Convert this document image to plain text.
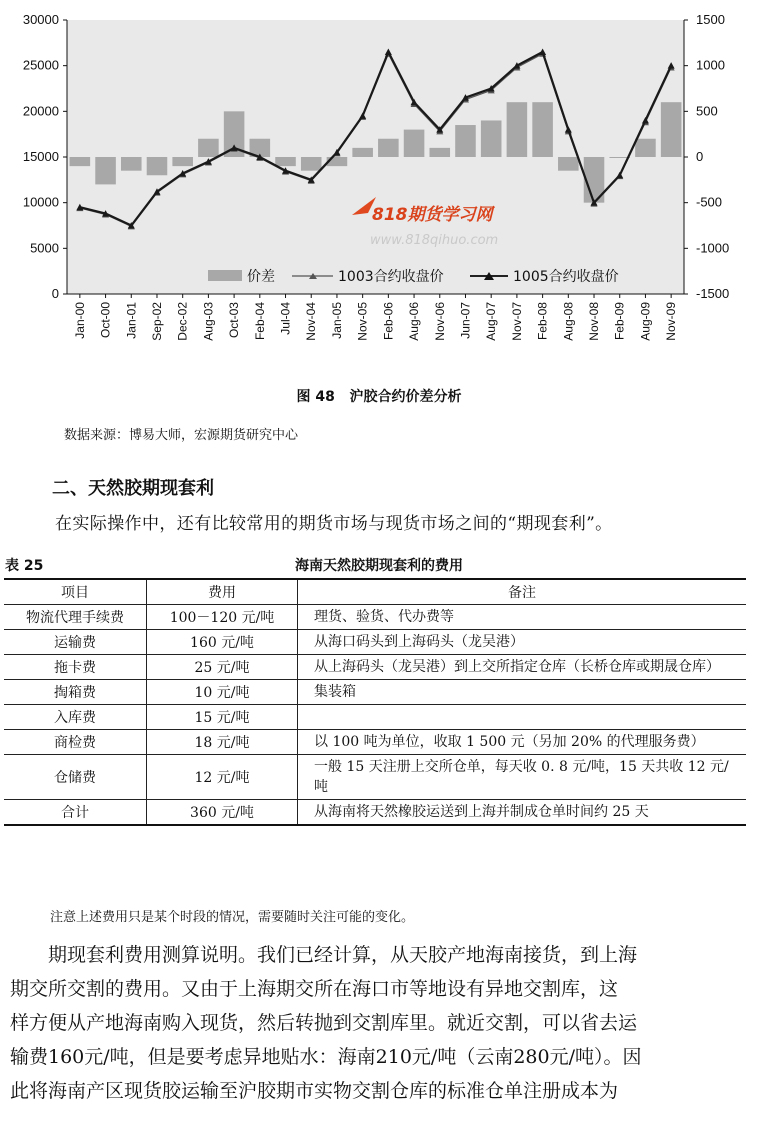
30000
25000
20000
15000
10000
5000
0
1500
1000
500
0
-500
-1000
-1500
Jan-00 Oct-00 Jan-01 Sep-02 Dec-02 Aug-03 Oct-03 Feb-04 Jul-04 Nov-04 Jan-05 Nov-05 Feb-06 Aug-06 Nov-06 Jun-07 Aug-07 Nov-07 Feb-08 Aug-08 Nov-08 Feb-09 Aug-09 Nov-09
818期货学习网
www.818qihuo.com
价差	1003合约收盘价	1005合约收盘价
图 48 沪胶合约价差分析
数据来源：博易大师，宏源期货研究中心
二、天然胶期现套利
在实际操作中，还有比较常用的期货市场与现货市场之间的“期现套利”。
表 25	海南天然胶期现套利的费用
项目	费用	备注
物流代理手续费	100－120 元/吨	理货、验货、代办费等
运输费	160 元/吨	从海口码头到上海码头（龙吴港）
拖卡费	25 元/吨	从上海码头（龙吴港）到上交所指定仓库（长桥仓库或期晟仓库）
掏箱费	10 元/吨	集装箱
入库费	15 元/吨	
商检费	18 元/吨	以 100 吨为单位，收取 1 500 元（另加 20% 的代理服务费）
仓储费	12 元/吨	一般 15 天注册上交所仓单，每天收 0. 8 元/吨，15 天共收 12 元/吨
合计	360 元/吨	从海南将天然橡胶运送到上海并制成仓单时间约 25 天
注意上述费用只是某个时段的情况，需要随时关注可能的变化。
　　期现套利费用测算说明。我们已经计算，从天胶产地海南接货，到上海
期交所交割的费用。又由于上海期交所在海口市等地设有异地交割库，这
样方便从产地海南购入现货，然后转抛到交割库里。就近交割，可以省去运
输费160元/吨，但是要考虑异地贴水：海南210元/吨（云南280元/吨）。因
此将海南产区现货胶运输至沪胶期市实物交割仓库的标准仓单注册成本为
